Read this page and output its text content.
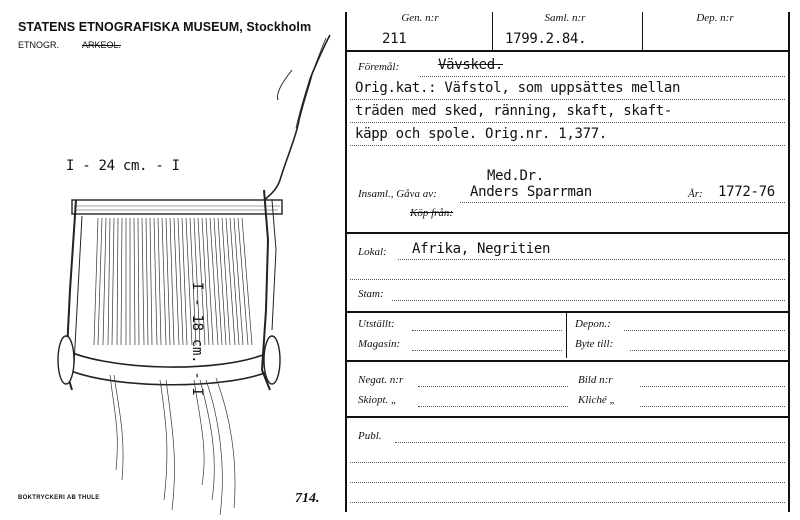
STATENS ETNOGRAFISKA MUSEUM, Stockholm
ETNOGR.	ARKEOL.
I - 24 cm. - I
I - 18 cm. - I
BOKTRYCKERI AB THULE	714.
Gen. n:r
211
Saml. n:r
1799.2.84.
Dep. n:r
Föremål:	Vävsked.
Orig.kat.: Väfstol, som uppsättes mellan
träden med sked, ränning, skaft, skaft-
käpp och spole. Orig.nr. 1,377.
Med.Dr.
Insaml., Gåva av: Anders Sparrman	År: 1772-76
Köp från:
Lokal: Afrika, Negritien
Stam:
Utställt:
Magasin:
Depon.:
Byte till:
Negat. n:r	Bild n:r
Skiopt. „	Kliché „
Publ.
